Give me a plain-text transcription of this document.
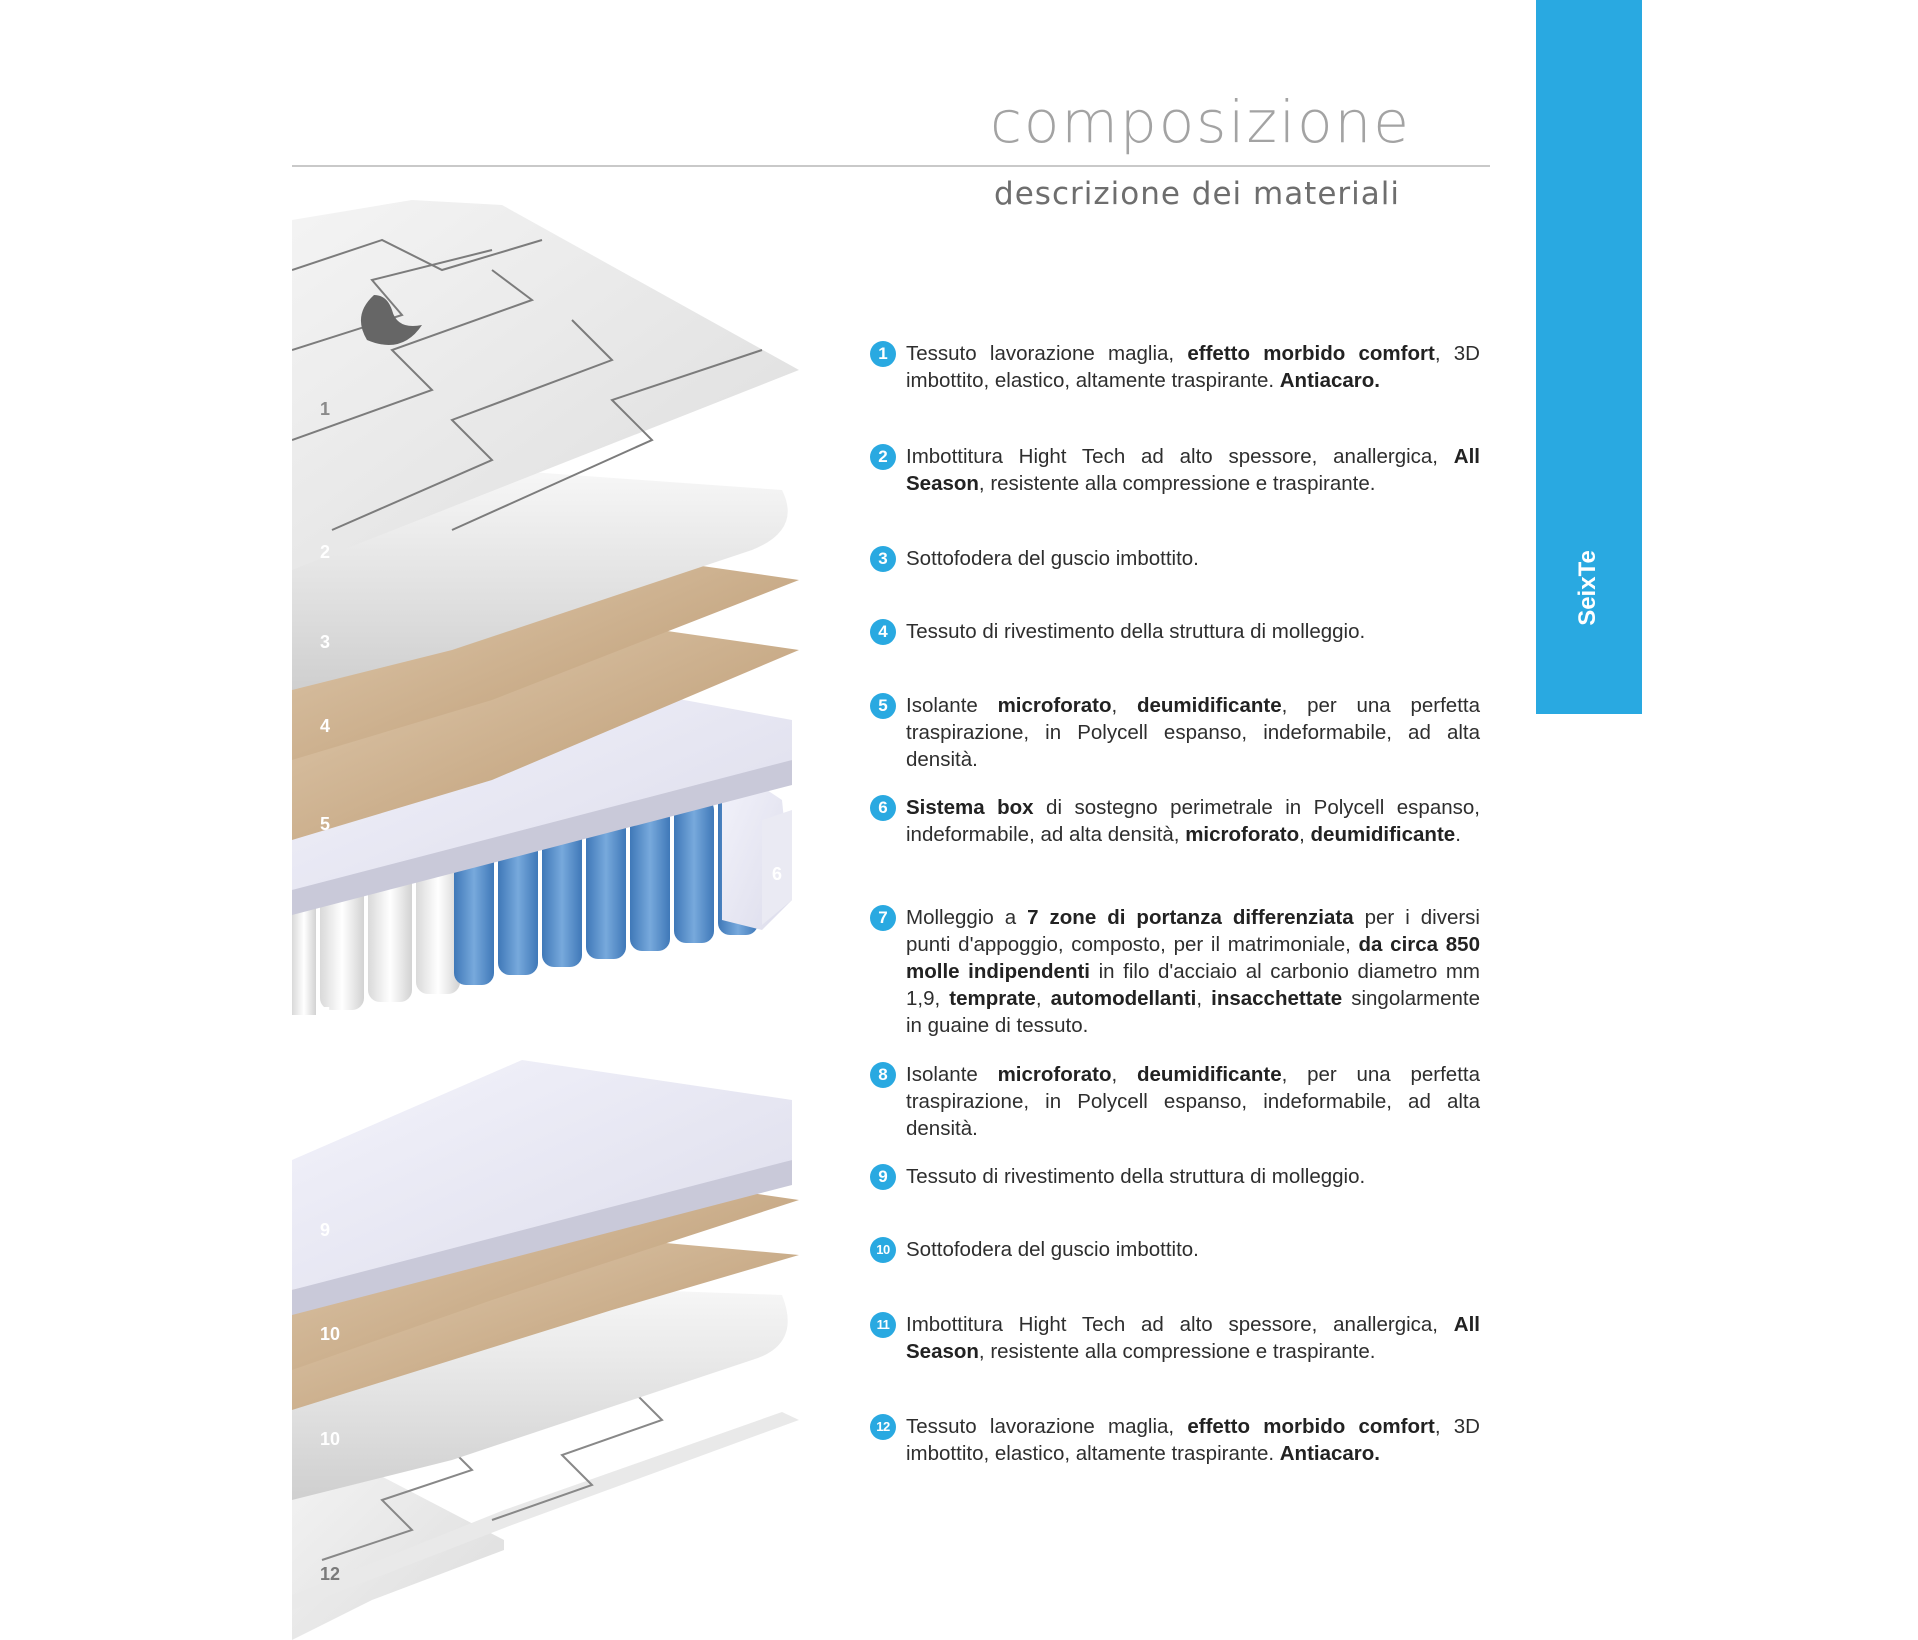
composizione
descrizione dei materiali
SeixTe
1
2
3
4
5
6
7
8
9
10
10
12
1 Tessuto lavorazione maglia, effetto morbido comfort, 3D imbottito, elastico, altamente traspirante. Antiacaro.
2 Imbottitura Hight Tech ad alto spessore, anallergica, All Season, resistente alla compressione e traspirante.
3 Sottofodera del guscio imbottito.
4 Tessuto di rivestimento della struttura di molleggio.
5 Isolante microforato, deumidificante, per una perfetta traspirazione, in Polycell espanso, indeformabile, ad alta densità.
6 Sistema box di sostegno perimetrale in Polycell espanso, indeformabile, ad alta densità, microforato, deumidificante.
7 Molleggio a 7 zone di portanza differenziata per i diversi punti d'appoggio, composto, per il matrimoniale, da circa 850 molle indipendenti in filo d'acciaio al carbonio diametro mm 1,9, temprate, automodellanti, insacchettate singolarmente in guaine di tessuto.
8 Isolante microforato, deumidificante, per una perfetta traspirazione, in Polycell espanso, indeformabile, ad alta densità.
9 Tessuto di rivestimento della struttura di molleggio.
10 Sottofodera del guscio imbottito.
11 Imbottitura Hight Tech ad alto spessore, anallergica, All Season, resistente alla compressione e traspirante.
12 Tessuto lavorazione maglia, effetto morbido comfort, 3D imbottito, elastico, altamente traspirante. Antiacaro.
